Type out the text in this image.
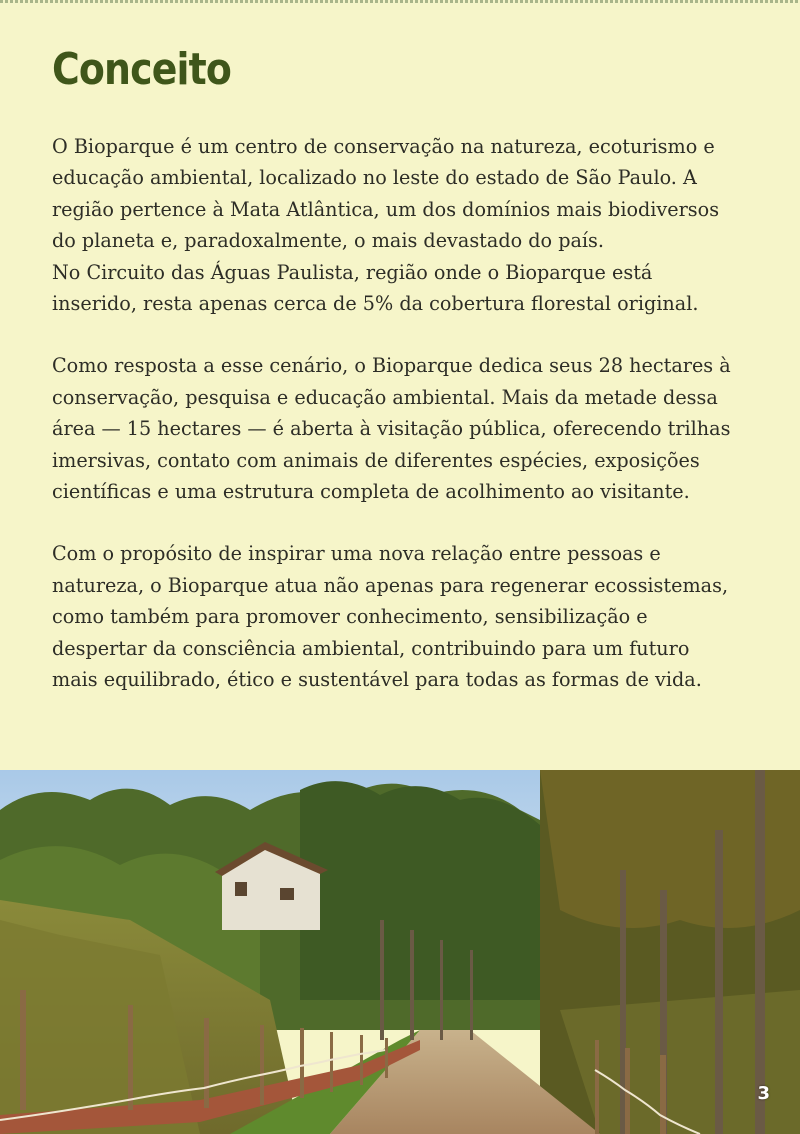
Conceito

O Bioparque é um centro de conservação na natureza, ecoturismo e
educação ambiental, localizado no leste do estado de São Paulo. A
região pertence à Mata Atlântica, um dos domínios mais biodiversos
do planeta e, paradoxalmente, o mais devastado do país.
No Circuito das Águas Paulista, região onde o Bioparque está
inserido, resta apenas cerca de 5% da cobertura florestal original.

Como resposta a esse cenário, o Bioparque dedica seus 28 hectares à
conservação, pesquisa e educação ambiental. Mais da metade dessa
área — 15 hectares — é aberta à visitação pública, oferecendo trilhas
imersivas, contato com animais de diferentes espécies, exposições
científicas e uma estrutura completa de acolhimento ao visitante.

Com o propósito de inspirar uma nova relação entre pessoas e
natureza, o Bioparque atua não apenas para regenerar ecossistemas,
como também para promover conhecimento, sensibilização e
despertar da consciência ambiental, contribuindo para um futuro
mais equilibrado, ético e sustentável para todas as formas de vida.

3
